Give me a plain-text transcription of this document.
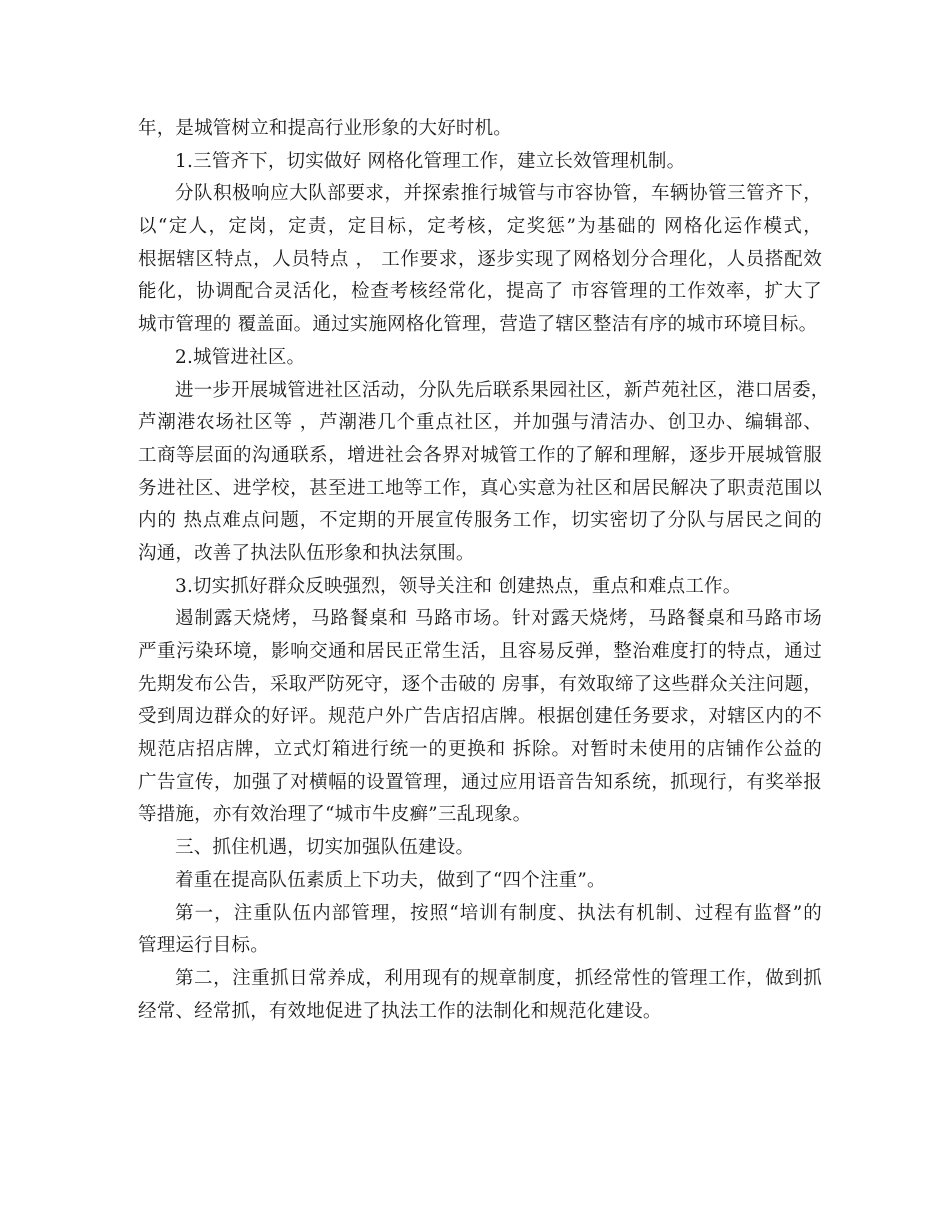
年，是城管树立和提高行业形象的大好时机。
1.三管齐下，切实做好 网格化管理工作，建立长效管理机制。
分队积极响应大队部要求，并探索推行城管与市容协管，车辆协管三管齐下，
以“定人，定岗，定责，定目标，定考核，定奖惩”为基础的 网格化运作模式，
根据辖区特点，人员特点 ， 工作要求，逐步实现了网格划分合理化，人员搭配效
能化，协调配合灵活化，检查考核经常化，提高了 市容管理的工作效率，扩大了
城市管理的 覆盖面。通过实施网格化管理，营造了辖区整洁有序的城市环境目标。
2.城管进社区。
进一步开展城管进社区活动，分队先后联系果园社区，新芦苑社区，港口居委，
芦潮港农场社区等 ，芦潮港几个重点社区，并加强与清洁办、创卫办、编辑部、
工商等层面的沟通联系，增进社会各界对城管工作的了解和理解，逐步开展城管服
务进社区、进学校，甚至进工地等工作，真心实意为社区和居民解决了职责范围以
内的 热点难点问题，不定期的开展宣传服务工作，切实密切了分队与居民之间的
沟通，改善了执法队伍形象和执法氛围。
3.切实抓好群众反映强烈，领导关注和 创建热点，重点和难点工作。
遏制露天烧烤，马路餐桌和 马路市场。针对露天烧烤，马路餐桌和马路市场
严重污染环境，影响交通和居民正常生活，且容易反弹，整治难度打的特点，通过
先期发布公告，采取严防死守，逐个击破的 房事，有效取缔了这些群众关注问题，
受到周边群众的好评。规范户外广告店招店牌。根据创建任务要求，对辖区内的不
规范店招店牌，立式灯箱进行统一的更换和 拆除。对暂时未使用的店铺作公益的
广告宣传，加强了对横幅的设置管理，通过应用语音告知系统，抓现行，有奖举报
等措施，亦有效治理了“城市牛皮癣”三乱现象。
三、抓住机遇，切实加强队伍建设。
着重在提高队伍素质上下功夫，做到了“四个注重”。
第一，注重队伍内部管理，按照“培训有制度、执法有机制、过程有监督”的
管理运行目标。
第二，注重抓日常养成，利用现有的规章制度，抓经常性的管理工作，做到抓
经常、经常抓，有效地促进了执法工作的法制化和规范化建设。
